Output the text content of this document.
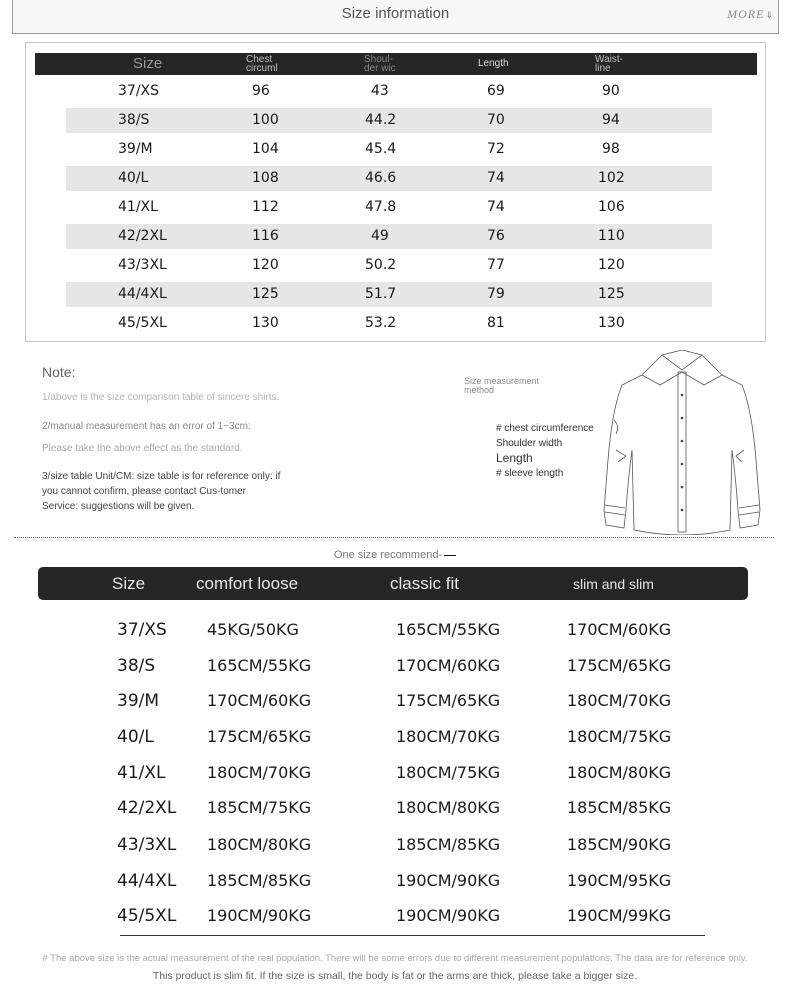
Size information	MORE⇓
Size	Chest
circuml
Shoul-
der wic	Length	Waist-
line
37/XS	96	43	69	90
38/S	100	44.2	70	94
39/M	104	45.4	72	98
40/L	108	46.6	74	102
41/XL	112	47.8	74	106
42/2XL	116	49	76	110
43/3XL	120	50.2	77	120
44/4XL	125	51.7	79	125
45/5XL	130	53.2	81	130
Note:
1/above is the size comparison table of sincere shirts.
2/manual measurement has an error of 1~3cm:
Please take the above effect as the standard.
3/size table Unit/CM: size table is for reference only: if you cannot confirm, please contact Cus-tomer Service: suggestions will be given.
Size measurement method
# chest circumference
Shoulder width
Length
# sleeve length
One size recommend-
Size	comfort loose	classic fit	slim and slim
37/XS	45KG/50KG	165CM/55KG	170CM/60KG
38/S	165CM/55KG	170CM/60KG	175CM/65KG
39/M	170CM/60KG	175CM/65KG	180CM/70KG
40/L	175CM/65KG	180CM/70KG	180CM/75KG
41/XL	180CM/70KG	180CM/75KG	180CM/80KG
42/2XL 185CM/75KG	180CM/80KG	185CM/85KG
43/3XL 180CM/80KG	185CM/85KG	185CM/90KG
44/4XL 185CM/85KG	190CM/90KG	190CM/95KG
45/5XL 190CM/90KG	190CM/90KG	190CM/99KG
# The above size is the actual measurement of the real population. There will be some errors due to different measurement populations. The data are for reference only.
This product is slim fit. If the size is small, the body is fat or the arms are thick, please take a bigger size.
